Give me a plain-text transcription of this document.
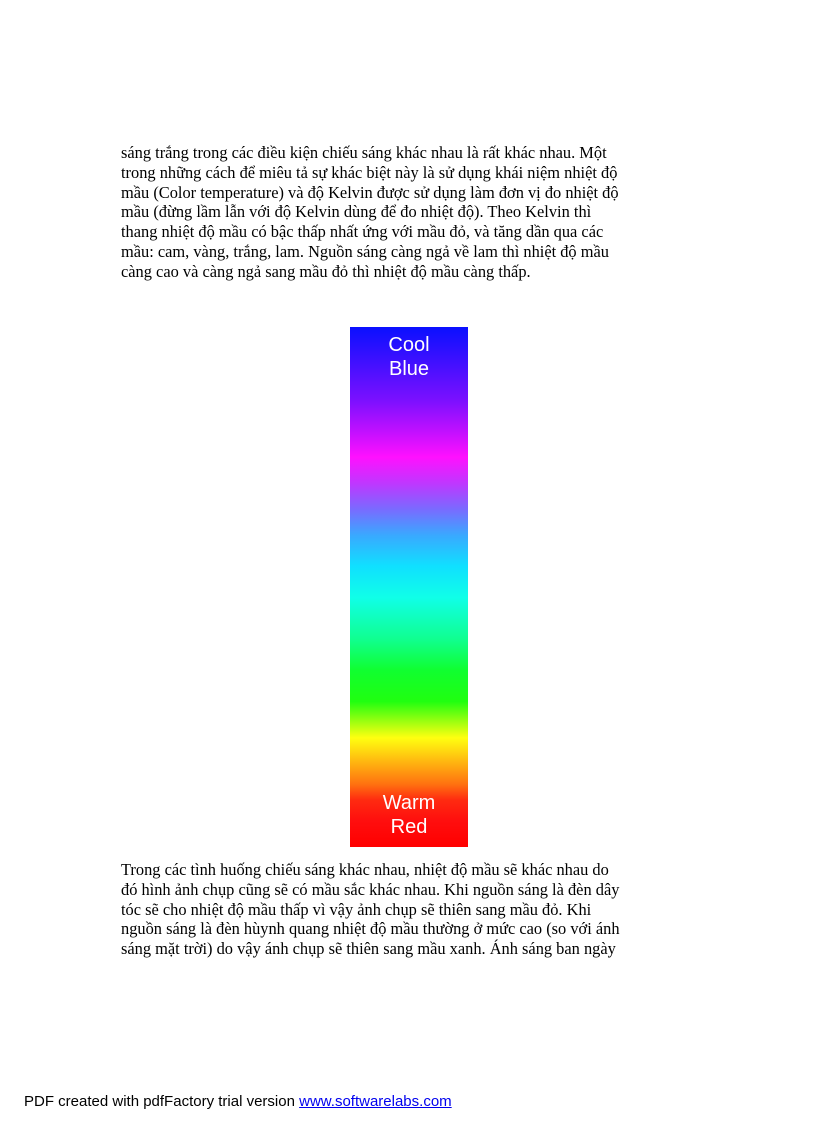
sáng trắng trong các điều kiện chiếu sáng khác nhau là rất khác nhau. Một
trong những cách để miêu tả sự khác biệt này là sử dụng khái niệm nhiệt độ
mầu (Color temperature) và độ Kelvin được sử dụng làm đơn vị đo nhiệt độ
mầu (đừng lầm lẫn với độ Kelvin dùng để đo nhiệt độ). Theo Kelvin thì
thang nhiệt độ mầu có bậc thấp nhất ứng với mầu đỏ, và tăng dần qua các
mầu: cam, vàng, trắng, lam. Nguồn sáng càng ngả về lam thì nhiệt độ mầu
càng cao và càng ngả sang mầu đỏ thì nhiệt độ mầu càng thấp.
Cool
Blue
Warm
Red
Trong các tình huống chiếu sáng khác nhau, nhiệt độ mầu sẽ khác nhau do
đó hình ảnh chụp cũng sẽ có mầu sắc khác nhau. Khi nguồn sáng là đèn dây
tóc sẽ cho nhiệt độ mầu thấp vì vậy ảnh chụp sẽ thiên sang mầu đỏ. Khi
nguồn sáng là đèn hùynh quang nhiệt độ mầu thường ở mức cao (so với ánh
sáng mặt trời) do vậy ánh chụp sẽ thiên sang mầu xanh. Ánh sáng ban ngày
PDF created with pdfFactory trial version www.softwarelabs.com
